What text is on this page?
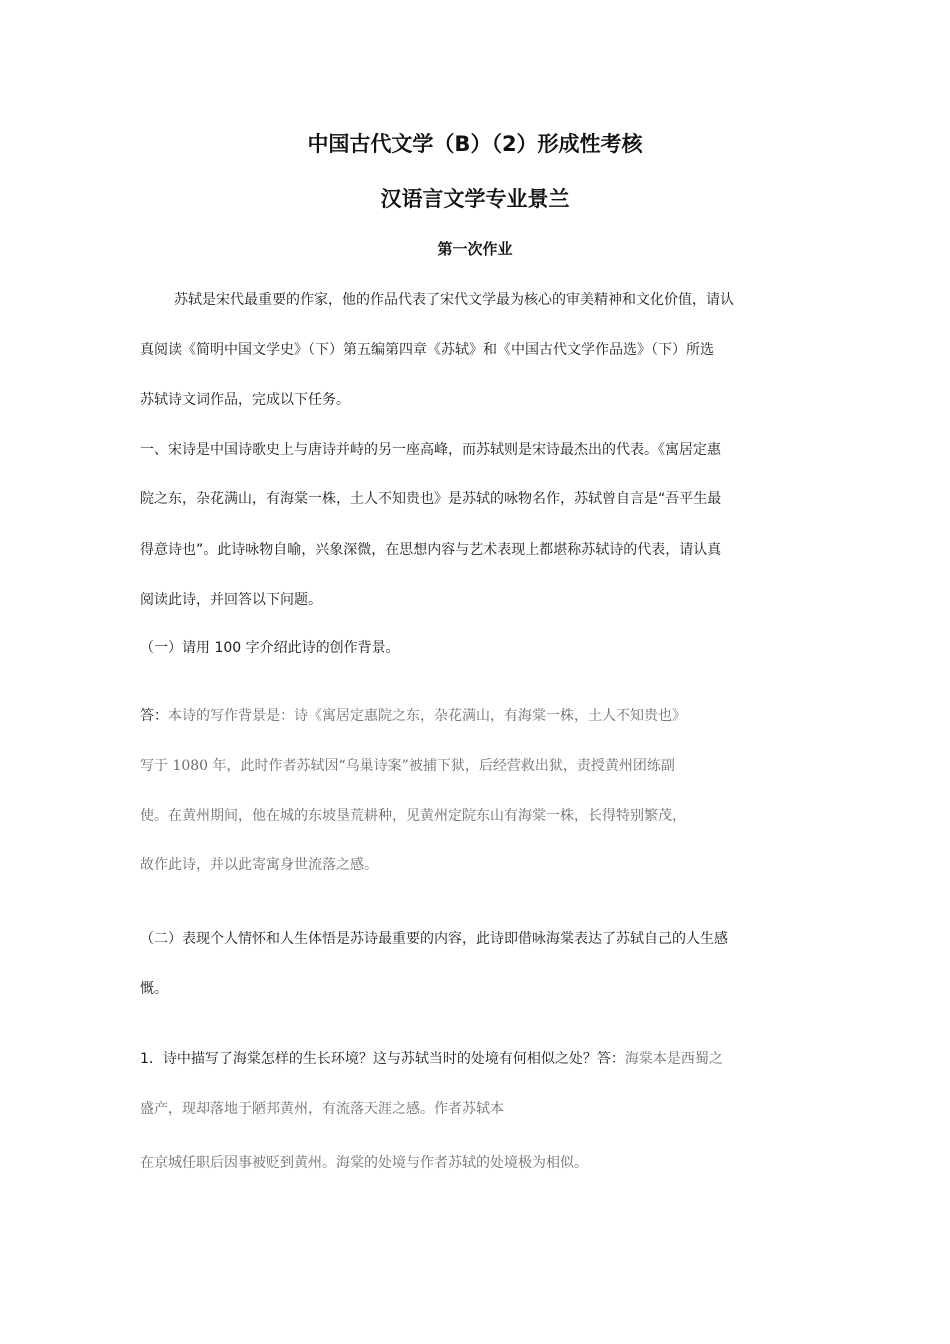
中国古代文学（B）（2）形成性考核
汉语言文学专业景兰
第一次作业
苏轼是宋代最重要的作家，他的作品代表了宋代文学最为核心的审美精神和文化价值，请认
真阅读《简明中国文学史》（下）第五编第四章《苏轼》和《中国古代文学作品选》（下）所选
苏轼诗文词作品，完成以下任务。
一、宋诗是中国诗歌史上与唐诗并峙的另一座高峰，而苏轼则是宋诗最杰出的代表。《寓居定惠
院之东，杂花满山，有海棠一株，土人不知贵也》是苏轼的咏物名作，苏轼曾自言是“吾平生最
得意诗也”。此诗咏物自喻，兴象深微，在思想内容与艺术表现上都堪称苏轼诗的代表，请认真
阅读此诗，并回答以下问题。
（一）请用 100 字介绍此诗的创作背景。
答：本诗的写作背景是：诗《寓居定惠院之东，杂花满山，有海棠一株，土人不知贵也》
写于 1080 年，此时作者苏轼因“乌巢诗案”被捕下狱，后经营救出狱，责授黄州团练副
使。在黄州期间，他在城的东坡垦荒耕种，见黄州定院东山有海棠一株，长得特别繁茂，
故作此诗，并以此寄寓身世流落之感。
（二）表现个人情怀和人生体悟是苏诗最重要的内容，此诗即借咏海棠表达了苏轼自己的人生感
慨。
1．诗中描写了海棠怎样的生长环境？这与苏轼当时的处境有何相似之处？答：海棠本是西蜀之
盛产，现却落地于陋邦黄州，有流落天涯之感。作者苏轼本
在京城任职后因事被贬到黄州。海棠的处境与作者苏轼的处境极为相似。
